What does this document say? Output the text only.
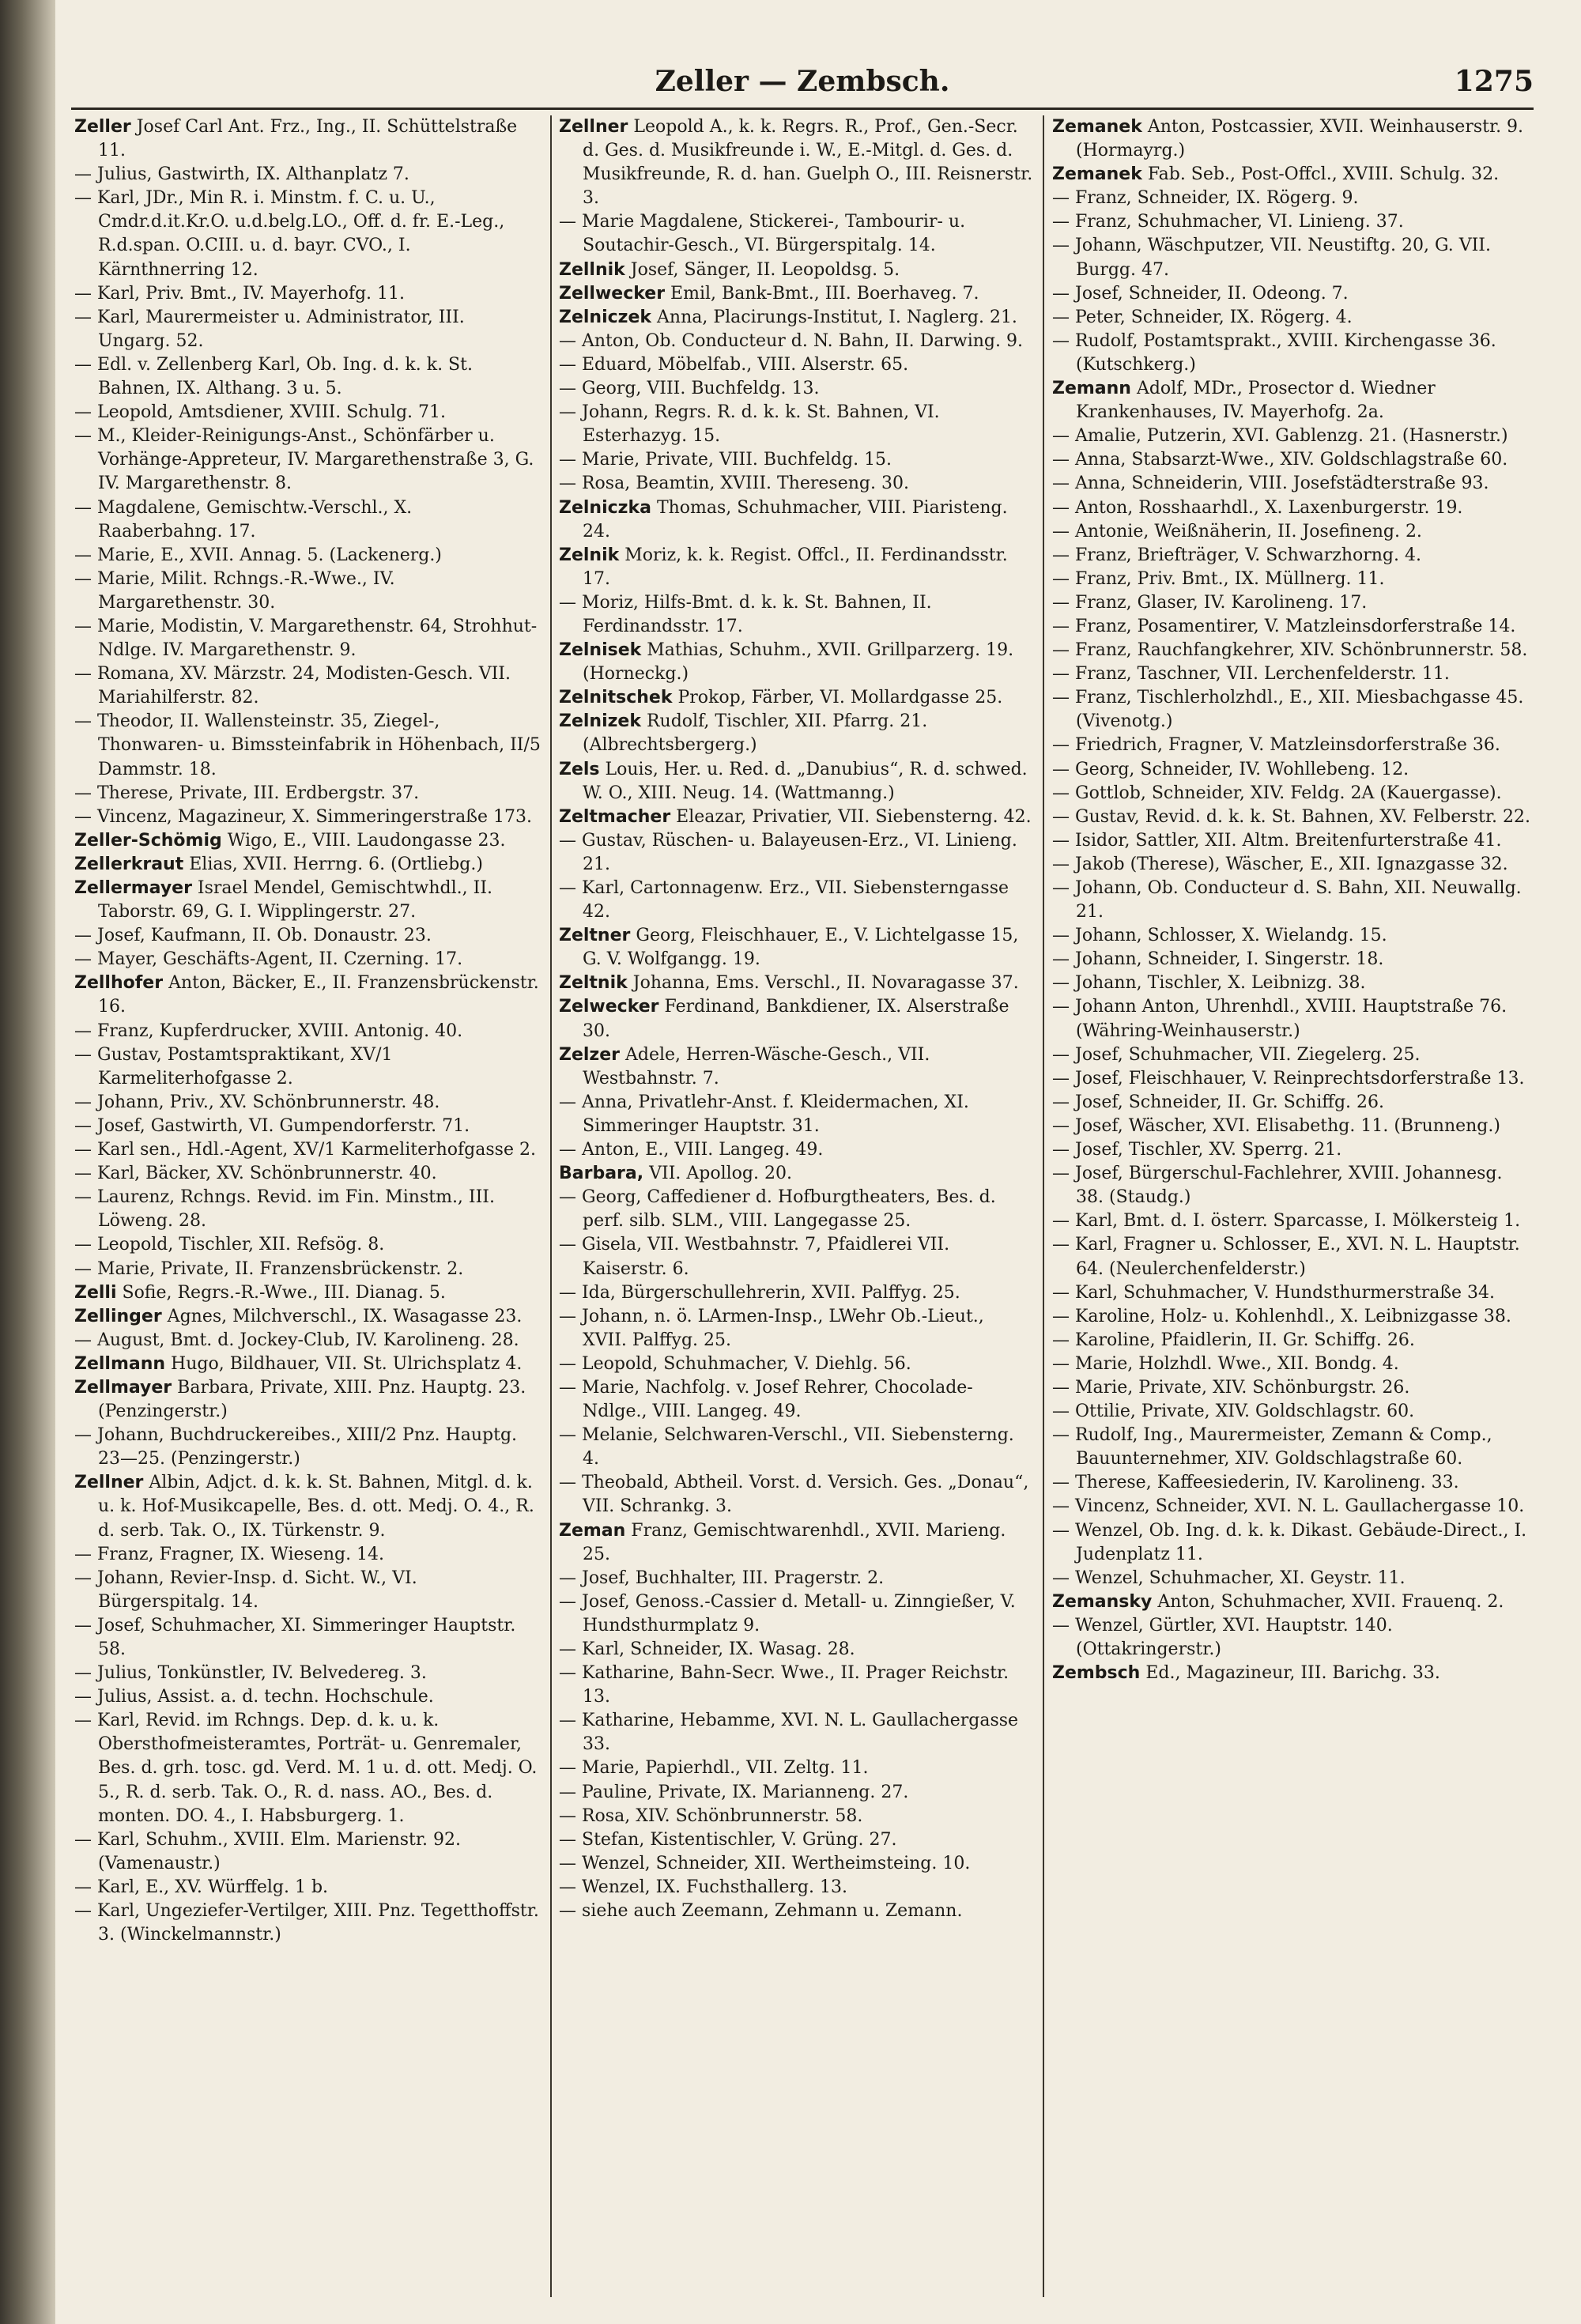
Zeller — Zembsch.	1275

Zeller Josef Carl Ant. Frz., Ing., II. Schüttelstraße 11.

— Julius, Gastwirth, IX. Althanplatz 7.

— Karl, JDr., Min R. i. Minstm. f. C. u. U., Cmdr.d.it.Kr.O. u.d.belg.LO., Off. d. fr. E.-Leg., R.d.span. O.CIII. u. d. bayr. CVO., I. Kärnthnerring 12.

— Karl, Priv. Bmt., IV. Mayerhofg. 11.

— Karl, Maurermeister u. Administrator, III. Ungarg. 52.

— Edl. v. Zellenberg Karl, Ob. Ing. d. k. k. St. Bahnen, IX. Althang. 3 u. 5.

— Leopold, Amtsdiener, XVIII. Schulg. 71.

— M., Kleider-Reinigungs-Anst., Schönfärber u. Vorhänge-Appreteur, IV. Margarethenstraße 3, G. IV. Margarethenstr. 8.

— Magdalene, Gemischtw.-Verschl., X. Raaberbahng. 17.

— Marie, E., XVII. Annag. 5. (Lackenerg.)

— Marie, Milit. Rchngs.-R.-Wwe., IV. Margarethenstr. 30.

— Marie, Modistin, V. Margarethenstr. 64, Strohhut-Ndlge. IV. Margarethenstr. 9.

— Romana, XV. Märzstr. 24, Modisten-Gesch. VII. Mariahilferstr. 82.

— Theodor, II. Wallensteinstr. 35, Ziegel-, Thonwaren- u. Bimssteinfabrik in Höhenbach, II/5 Dammstr. 18.

— Therese, Private, III. Erdbergstr. 37.

— Vincenz, Magazineur, X. Simmeringerstraße 173.

Zeller-Schömig Wigo, E., VIII. Laudongasse 23.

Zellerkraut Elias, XVII. Herrng. 6. (Ortliebg.)

Zellermayer Israel Mendel, Gemischtwhdl., II. Taborstr. 69, G. I. Wipplingerstr. 27.

— Josef, Kaufmann, II. Ob. Donaustr. 23.

— Mayer, Geschäfts-Agent, II. Czerning. 17.

Zellhofer Anton, Bäcker, E., II. Franzensbrückenstr. 16.

— Franz, Kupferdrucker, XVIII. Antonig. 40.

— Gustav, Postamtspraktikant, XV/1 Karmeliterhofgasse 2.

— Johann, Priv., XV. Schönbrunnerstr. 48.

— Josef, Gastwirth, VI. Gumpendorferstr. 71.

— Karl sen., Hdl.-Agent, XV/1 Karmeliterhofgasse 2.

— Karl, Bäcker, XV. Schönbrunnerstr. 40.

— Laurenz, Rchngs. Revid. im Fin. Minstm., III. Löweng. 28.

— Leopold, Tischler, XII. Refsög. 8.

— Marie, Private, II. Franzensbrückenstr. 2.

Zelli Sofie, Regrs.-R.-Wwe., III. Dianag. 5.

Zellinger Agnes, Milchverschl., IX. Wasagasse 23.

— August, Bmt. d. Jockey-Club, IV. Karolineng. 28.

Zellmann Hugo, Bildhauer, VII. St. Ulrichsplatz 4.

Zellmayer Barbara, Private, XIII. Pnz. Hauptg. 23. (Penzingerstr.)

— Johann, Buchdruckereibes., XIII/2 Pnz. Hauptg. 23—25. (Penzingerstr.)

Zellner Albin, Adjct. d. k. k. St. Bahnen, Mitgl. d. k. u. k. Hof-Musikcapelle, Bes. d. ott. Medj. O. 4., R. d. serb. Tak. O., IX. Türkenstr. 9.

— Franz, Fragner, IX. Wieseng. 14.

— Johann, Revier-Insp. d. Sicht. W., VI. Bürgerspitalg. 14.

— Josef, Schuhmacher, XI. Simmeringer Hauptstr. 58.

— Julius, Tonkünstler, IV. Belvedereg. 3.

— Julius, Assist. a. d. techn. Hochschule.

— Karl, Revid. im Rchngs. Dep. d. k. u. k. Obersthofmeisteramtes, Porträt- u. Genremaler, Bes. d. grh. tosc. gd. Verd. M. 1 u. d. ott. Medj. O. 5., R. d. serb. Tak. O., R. d. nass. AO., Bes. d. monten. DO. 4., I. Habsburgerg. 1.

— Karl, Schuhm., XVIII. Elm. Marienstr. 92. (Vamenaustr.)

— Karl, E., XV. Würffelg. 1 b.

— Karl, Ungeziefer-Vertilger, XIII. Pnz. Tegetthoffstr. 3. (Winckelmannstr.)

Zellner Leopold A., k. k. Regrs. R., Prof., Gen.-Secr. d. Ges. d. Musikfreunde i. W., E.-Mitgl. d. Ges. d. Musikfreunde, R. d. han. Guelph O., III. Reisnerstr. 3.

— Marie Magdalene, Stickerei-, Tambourir- u. Soutachir-Gesch., VI. Bürgerspitalg. 14.

Zellnik Josef, Sänger, II. Leopoldsg. 5.

Zellwecker Emil, Bank-Bmt., III. Boerhaveg. 7.

Zelniczek Anna, Placirungs-Institut, I. Naglerg. 21.

— Anton, Ob. Conducteur d. N. Bahn, II. Darwing. 9.

— Eduard, Möbelfab., VIII. Alserstr. 65.

— Georg, VIII. Buchfeldg. 13.

— Johann, Regrs. R. d. k. k. St. Bahnen, VI. Esterhazyg. 15.

— Marie, Private, VIII. Buchfeldg. 15.

— Rosa, Beamtin, XVIII. Thereseng. 30.

Zelniczka Thomas, Schuhmacher, VIII. Piaristeng. 24.

Zelnik Moriz, k. k. Regist. Offcl., II. Ferdinandsstr. 17.

— Moriz, Hilfs-Bmt. d. k. k. St. Bahnen, II. Ferdinandsstr. 17.

Zelnisek Mathias, Schuhm., XVII. Grillparzerg. 19. (Horneckg.)

Zelnitschek Prokop, Färber, VI. Mollardgasse 25.

Zelnizek Rudolf, Tischler, XII. Pfarrg. 21. (Albrechtsbergerg.)

Zels Louis, Her. u. Red. d. „Danubius“, R. d. schwed. W. O., XIII. Neug. 14. (Wattmanng.)

Zeltmacher Eleazar, Privatier, VII. Siebensterng. 42.

— Gustav, Rüschen- u. Balayeusen-Erz., VI. Linieng. 21.

— Karl, Cartonnagenw. Erz., VII. Siebensterngasse 42.

Zeltner Georg, Fleischhauer, E., V. Lichtelgasse 15, G. V. Wolfgangg. 19.

Zeltnik Johanna, Ems. Verschl., II. Novaragasse 37.

Zelwecker Ferdinand, Bankdiener, IX. Alserstraße 30.

Zelzer Adele, Herren-Wäsche-Gesch., VII. Westbahnstr. 7.

— Anna, Privatlehr-Anst. f. Kleidermachen, XI. Simmeringer Hauptstr. 31.

— Anton, E., VIII. Langeg. 49.

Barbara, VII. Apollog. 20.

— Georg, Caffediener d. Hofburgtheaters, Bes. d. perf. silb. SLM., VIII. Langegasse 25.

— Gisela, VII. Westbahnstr. 7, Pfaidlerei VII. Kaiserstr. 6.

— Ida, Bürgerschullehrerin, XVII. Palffyg. 25.

— Johann, n. ö. LArmen-Insp., LWehr Ob.-Lieut., XVII. Palffyg. 25.

— Leopold, Schuhmacher, V. Diehlg. 56.

— Marie, Nachfolg. v. Josef Rehrer, Chocolade-Ndlge., VIII. Langeg. 49.

— Melanie, Selchwaren-Verschl., VII. Siebensterng. 4.

— Theobald, Abtheil. Vorst. d. Versich. Ges. „Donau“, VII. Schrankg. 3.

Zeman Franz, Gemischtwarenhdl., XVII. Marieng. 25.

— Josef, Buchhalter, III. Pragerstr. 2.

— Josef, Genoss.-Cassier d. Metall- u. Zinngießer, V. Hundsthurmplatz 9.

— Karl, Schneider, IX. Wasag. 28.

— Katharine, Bahn-Secr. Wwe., II. Prager Reichstr. 13.

— Katharine, Hebamme, XVI. N. L. Gaullachergasse 33.

— Marie, Papierhdl., VII. Zeltg. 11.

— Pauline, Private, IX. Marianneng. 27.

— Rosa, XIV. Schönbrunnerstr. 58.

— Stefan, Kistentischler, V. Grüng. 27.

— Wenzel, Schneider, XII. Wertheimsteing. 10.

— Wenzel, IX. Fuchsthallerg. 13.

— siehe auch Zeemann, Zehmann u. Zemann.

Zemanek Anton, Postcassier, XVII. Weinhauserstr. 9. (Hormayrg.)

Zemanek Fab. Seb., Post-Offcl., XVIII. Schulg. 32.

— Franz, Schneider, IX. Rögerg. 9.

— Franz, Schuhmacher, VI. Linieng. 37.

— Johann, Wäschputzer, VII. Neustiftg. 20, G. VII. Burgg. 47.

— Josef, Schneider, II. Odeong. 7.

— Peter, Schneider, IX. Rögerg. 4.

— Rudolf, Postamtsprakt., XVIII. Kirchengasse 36. (Kutschkerg.)

Zemann Adolf, MDr., Prosector d. Wiedner Krankenhauses, IV. Mayerhofg. 2a.

— Amalie, Putzerin, XVI. Gablenzg. 21. (Hasnerstr.)

— Anna, Stabsarzt-Wwe., XIV. Goldschlagstraße 60.

— Anna, Schneiderin, VIII. Josefstädterstraße 93.

— Anton, Rosshaarhdl., X. Laxenburgerstr. 19.

— Antonie, Weißnäherin, II. Josefineng. 2.

— Franz, Briefträger, V. Schwarzhorng. 4.

— Franz, Priv. Bmt., IX. Müllnerg. 11.

— Franz, Glaser, IV. Karolineng. 17.

— Franz, Posamentirer, V. Matzleinsdorferstraße 14.

— Franz, Rauchfangkehrer, XIV. Schönbrunnerstr. 58.

— Franz, Taschner, VII. Lerchenfelderstr. 11.

— Franz, Tischlerholzhdl., E., XII. Miesbachgasse 45. (Vivenotg.)

— Friedrich, Fragner, V. Matzleinsdorferstraße 36.

— Georg, Schneider, IV. Wohllebeng. 12.

— Gottlob, Schneider, XIV. Feldg. 2A (Kauergasse).

— Gustav, Revid. d. k. k. St. Bahnen, XV. Felberstr. 22.

— Isidor, Sattler, XII. Altm. Breitenfurterstraße 41.

— Jakob (Therese), Wäscher, E., XII. Ignazgasse 32.

— Johann, Ob. Conducteur d. S. Bahn, XII. Neuwallg. 21.

— Johann, Schlosser, X. Wielandg. 15.

— Johann, Schneider, I. Singerstr. 18.

— Johann, Tischler, X. Leibnizg. 38.

— Johann Anton, Uhrenhdl., XVIII. Hauptstraße 76. (Währing-Weinhauserstr.)

— Josef, Schuhmacher, VII. Ziegelerg. 25.

— Josef, Fleischhauer, V. Reinprechtsdorferstraße 13.

— Josef, Schneider, II. Gr. Schiffg. 26.

— Josef, Wäscher, XVI. Elisabethg. 11. (Brunneng.)

— Josef, Tischler, XV. Sperrg. 21.

— Josef, Bürgerschul-Fachlehrer, XVIII. Johannesg. 38. (Staudg.)

— Karl, Bmt. d. I. österr. Sparcasse, I. Mölkersteig 1.

— Karl, Fragner u. Schlosser, E., XVI. N. L. Hauptstr. 64. (Neulerchenfelderstr.)

— Karl, Schuhmacher, V. Hundsthurmerstraße 34.

— Karoline, Holz- u. Kohlenhdl., X. Leibnizgasse 38.

— Karoline, Pfaidlerin, II. Gr. Schiffg. 26.

— Marie, Holzhdl. Wwe., XII. Bondg. 4.

— Marie, Private, XIV. Schönburgstr. 26.

— Ottilie, Private, XIV. Goldschlagstr. 60.

— Rudolf, Ing., Maurermeister, Zemann & Comp., Bauunternehmer, XIV. Goldschlagstraße 60.

— Therese, Kaffeesiederin, IV. Karolineng. 33.

— Vincenz, Schneider, XVI. N. L. Gaullachergasse 10.

— Wenzel, Ob. Ing. d. k. k. Dikast. Gebäude-Direct., I. Judenplatz 11.

— Wenzel, Schuhmacher, XI. Geystr. 11.

Zemansky Anton, Schuhmacher, XVII. Frauenq. 2.

— Wenzel, Gürtler, XVI. Hauptstr. 140. (Ottakringerstr.)

Zembsch Ed., Magazineur, III. Barichg. 33.
